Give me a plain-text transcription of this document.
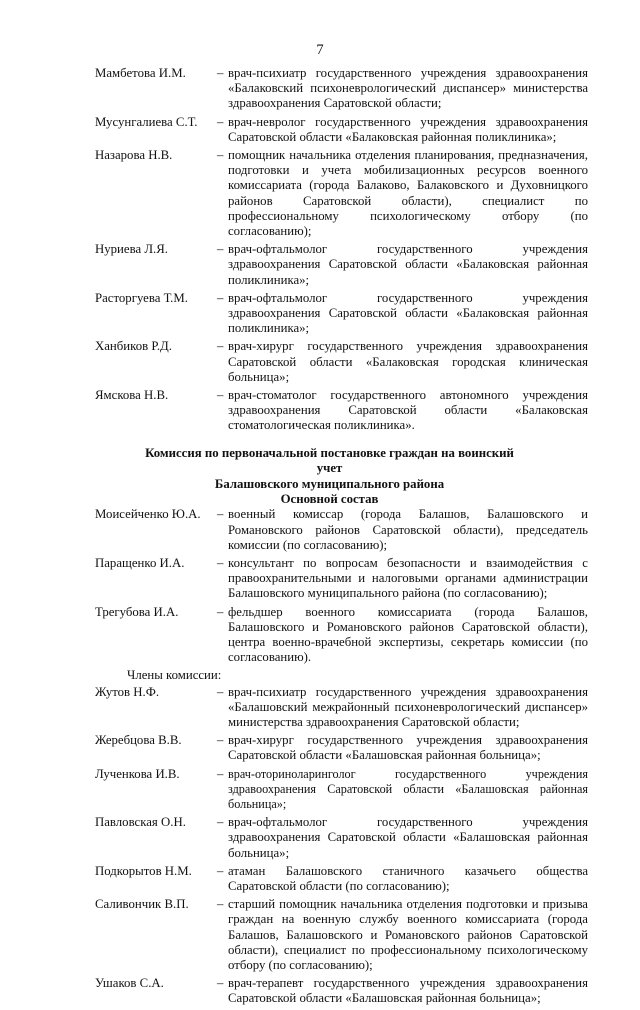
7
Мамбетова И.М.	– врач-психиатр государственного учреждения здравоохранения «Балаковский психоневрологический диспансер» министерства здравоохранения Саратовской области;
Мусунгалиева С.Т.	– врач-невролог государственного учреждения здравоохранения Саратовской области «Балаковская районная поликлиника»;
Назарова Н.В.	– помощник начальника отделения планирования, предназначения, подготовки и учета мобилизационных ресурсов военного комиссариата (города Балаково, Балаковского и Духовницкого районов Саратовской области), специалист по профессиональному психологическому отбору (по согласованию);
Нуриева Л.Я.	– врач-офтальмолог государственного учреждения здравоохранения Саратовской области «Балаковская районная поликлиника»;
Расторгуева Т.М.	– врач-офтальмолог государственного учреждения здравоохранения Саратовской области «Балаковская районная поликлиника»;
Ханбиков Р.Д.	– врач-хирург государственного учреждения здравоохранения Саратовской области «Балаковская городская клиническая больница»;
Ямскова Н.В.	– врач-стоматолог государственного автономного учреждения здравоохранения Саратовской области «Балаковская стоматологическая поликлиника».
Комиссия по первоначальной постановке граждан на воинский учет
Балашовского муниципального района
Основной состав
Моисейченко Ю.А.	– военный комиссар (города Балашов, Балашовского и Романовского районов Саратовской области), председатель комиссии (по согласованию);
Паращенко И.А.	– консультант по вопросам безопасности и взаимодействия с правоохранительными и налоговыми органами администрации Балашовского муниципального района (по согласованию);
Трегубова И.А.	– фельдшер военного комиссариата (города Балашов, Балашовского и Романовского районов Саратовской области), центра военно-врачебной экспертизы, секретарь комиссии (по согласованию).
Члены комиссии:
Жутов Н.Ф.	– врач-психиатр государственного учреждения здравоохранения «Балашовский межрайонный психоневрологический диспансер» министерства здравоохранения Саратовской области;
Жеребцова В.В.	– врач-хирург государственного учреждения здравоохранения Саратовской области «Балашовская районная больница»;
Лученкова И.В.	– врач-оториноларинголог государственного учреждения здравоохранения Саратовской области «Балашовская районная больница»;
Павловская О.Н.	– врач-офтальмолог государственного учреждения здравоохранения Саратовской области «Балашовская районная больница»;
Подкорытов Н.М.	– атаман Балашовского станичного казачьего общества Саратовской области (по согласованию);
Саливончик В.П.	– старший помощник начальника отделения подготовки и призыва граждан на военную службу военного комиссариата (города Балашов, Балашовского и Романовского районов Саратовской области), специалист по профессиональному психологическому отбору (по согласованию);
Ушаков С.А.	– врач-терапевт государственного учреждения здравоохранения Саратовской области «Балашовская районная больница»;
